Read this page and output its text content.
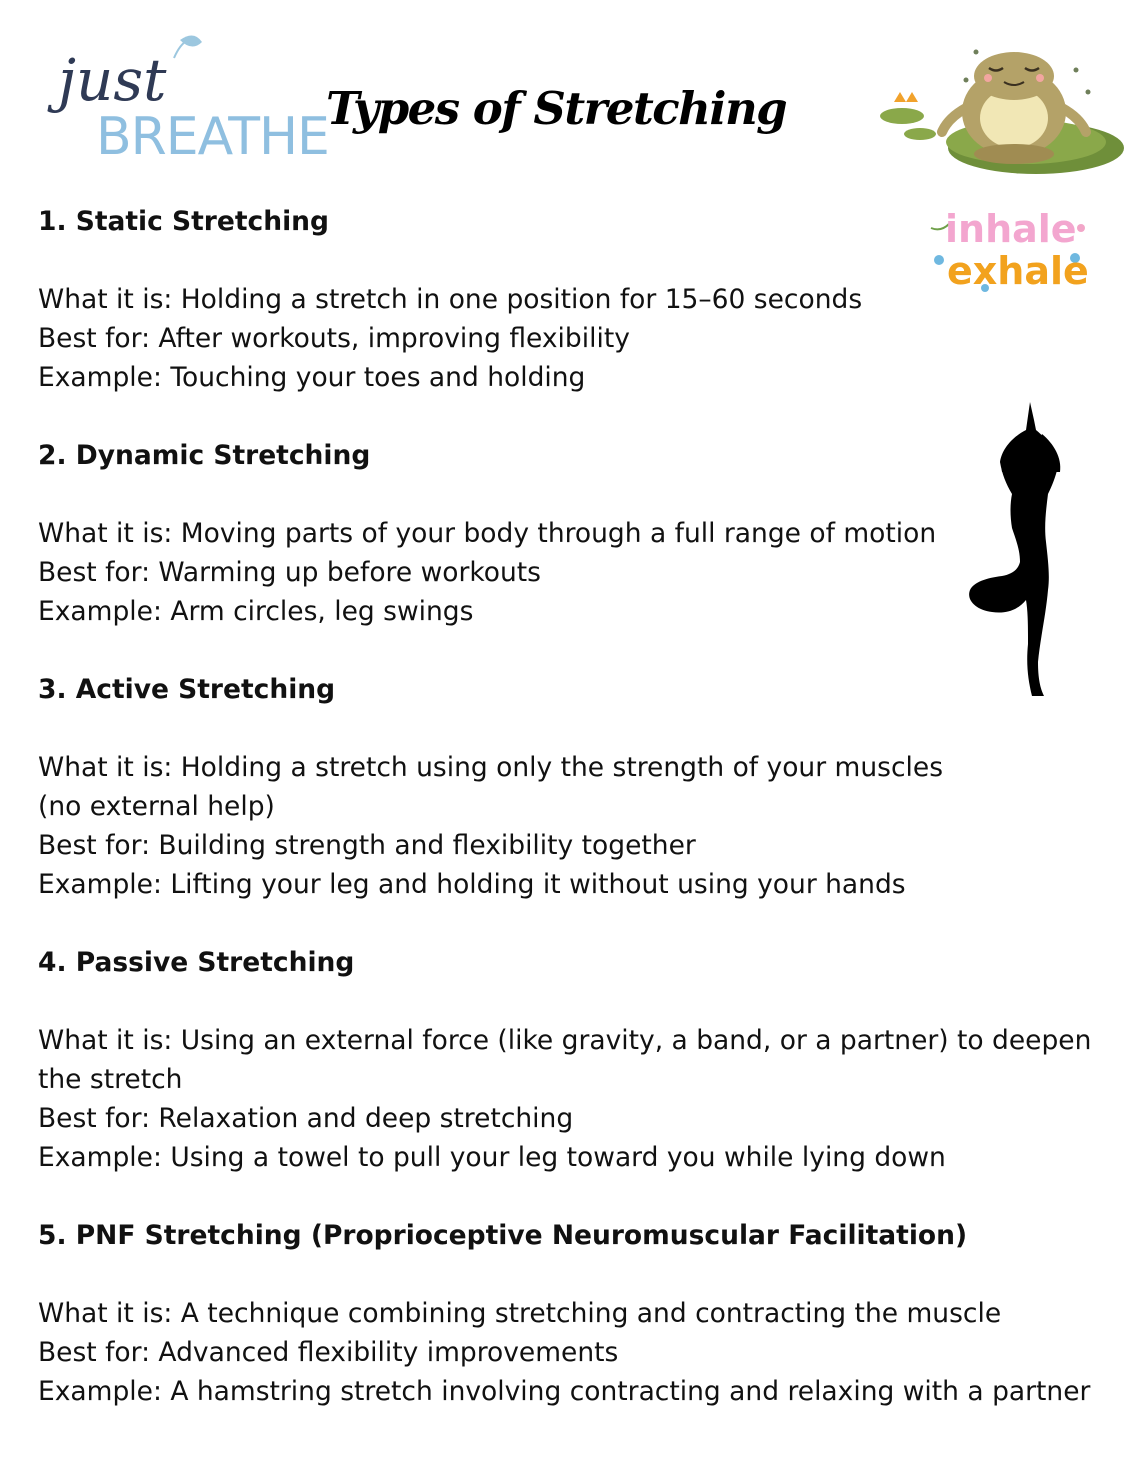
just
BREATHE
Types of Stretching
inhale
exhale
1. Static Stretching
What it is: Holding a stretch in one position for 15–60 seconds
Best for: After workouts, improving flexibility
Example: Touching your toes and holding
2. Dynamic Stretching
What it is: Moving parts of your body through a full range of motion
Best for: Warming up before workouts
Example: Arm circles, leg swings
3. Active Stretching
What it is: Holding a stretch using only the strength of your muscles (no external help)
Best for: Building strength and flexibility together
Example: Lifting your leg and holding it without using your hands
4. Passive Stretching
What it is: Using an external force (like gravity, a band, or a partner) to deepen the stretch
Best for: Relaxation and deep stretching
Example: Using a towel to pull your leg toward you while lying down
5. PNF Stretching (Proprioceptive Neuromuscular Facilitation)
What it is: A technique combining stretching and contracting the muscle
Best for: Advanced flexibility improvements
Example: A hamstring stretch involving contracting and relaxing with a partner
